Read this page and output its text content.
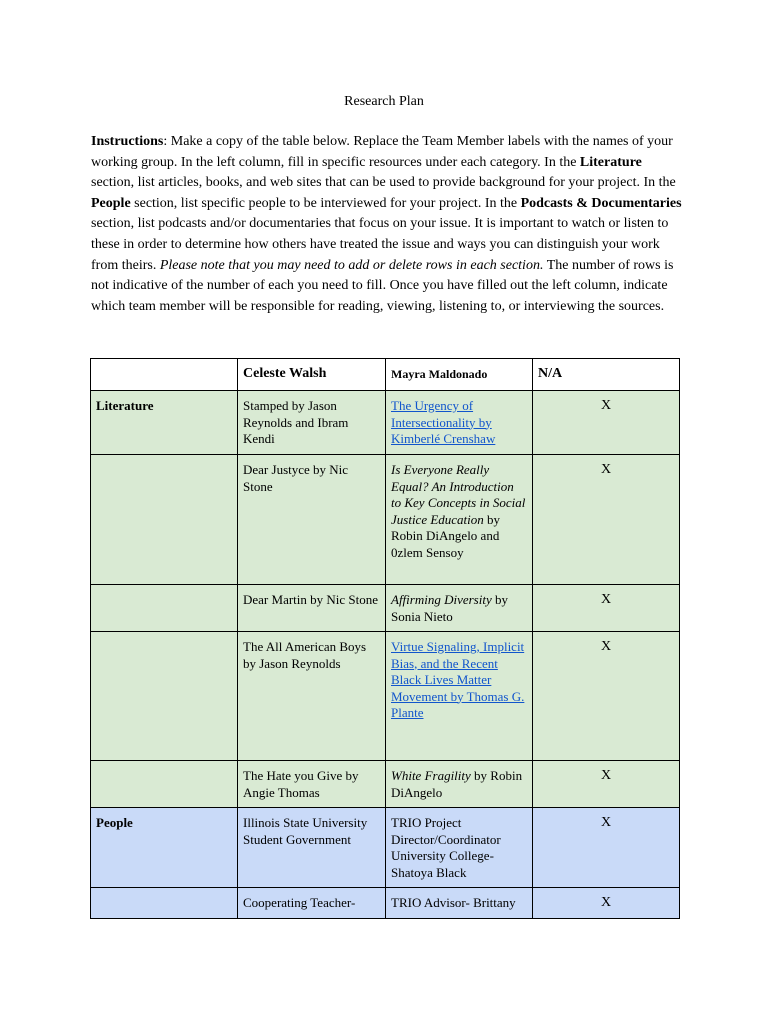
Research Plan

Instructions: Make a copy of the table below. Replace the Team Member labels with the names of your working group. In the left column, fill in specific resources under each category. In the Literature section, list articles, books, and web sites that can be used to provide background for your project. In the People section, list specific people to be interviewed for your project. In the Podcasts & Documentaries section, list podcasts and/or documentaries that focus on your issue. It is important to watch or listen to these in order to determine how others have treated the issue and ways you can distinguish your work from theirs. Please note that you may need to add or delete rows in each section. The number of rows is not indicative of the number of each you need to fill. Once you have filled out the left column, indicate which team member will be responsible for reading, viewing, listening to, or interviewing the sources.

	Celeste Walsh	Mayra Maldonado	N/A
Literature	Stamped by Jason Reynolds and Ibram Kendi	The Urgency of Intersectionality by Kimberlé Crenshaw	X
	Dear Justyce by Nic Stone	Is Everyone Really Equal? An Introduction to Key Concepts in Social Justice Education by Robin DiAngelo and 0zlem Sensoy	X
	Dear Martin by Nic Stone	Affirming Diversity by Sonia Nieto	X
	The All American Boys by Jason Reynolds	Virtue Signaling, Implicit Bias, and the Recent Black Lives Matter Movement by Thomas G. Plante	X
	The Hate you Give by Angie Thomas	White Fragility by Robin DiAngelo	X
People	Illinois State University Student Government	TRIO Project Director/Coordinator University College- Shatoya Black	X
	Cooperating Teacher-	TRIO Advisor- Brittany	X
